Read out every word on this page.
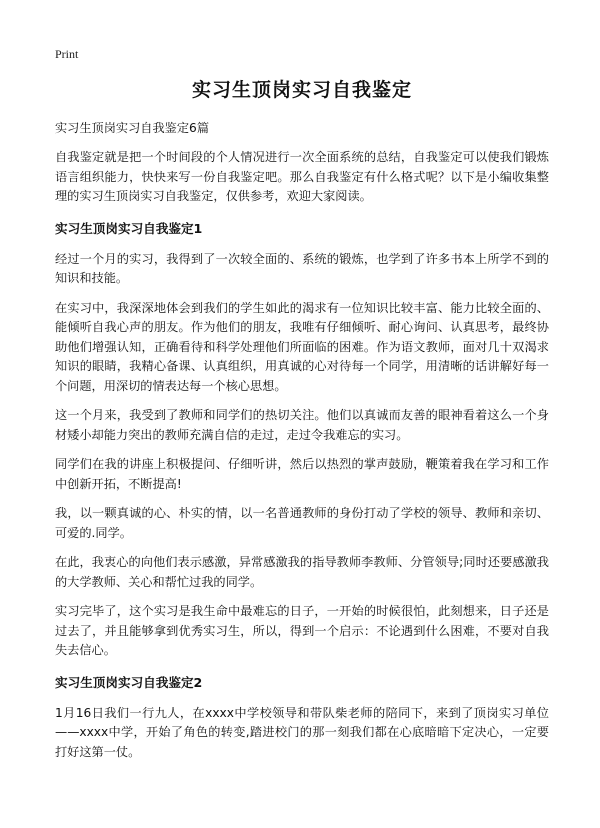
Print
实习生顶岗实习自我鉴定
实习生顶岗实习自我鉴定6篇

自我鉴定就是把一个时间段的个人情况进行一次全面系统的总结，自我鉴定可以使我们锻炼语言组织能力，快快来写一份自我鉴定吧。那么自我鉴定有什么格式呢？以下是小编收集整理的实习生顶岗实习自我鉴定，仅供参考，欢迎大家阅读。

实习生顶岗实习自我鉴定1

经过一个月的实习，我得到了一次较全面的、系统的锻炼，也学到了许多书本上所学不到的知识和技能。

在实习中，我深深地体会到我们的学生如此的渴求有一位知识比较丰富、能力比较全面的、能倾听自我心声的朋友。作为他们的朋友，我唯有仔细倾听、耐心询问、认真思考，最终协助他们增强认知，正确看待和科学处理他们所面临的困难。作为语文教师，面对几十双渴求知识的眼睛，我精心备课、认真组织，用真诚的心对待每一个同学，用清晰的话讲解好每一个问题，用深切的情表达每一个核心思想。

这一个月来，我受到了教师和同学们的热切关注。他们以真诚而友善的眼神看着这么一个身材矮小却能力突出的教师充满自信的走过，走过令我难忘的实习。

同学们在我的讲座上积极提问、仔细听讲，然后以热烈的掌声鼓励，鞭策着我在学习和工作中创新开拓，不断提高!

我，以一颗真诚的心、朴实的情，以一名普通教师的身份打动了学校的领导、教师和亲切、可爱的.同学。

在此，我衷心的向他们表示感激，异常感激我的指导教师李教师、分管领导;同时还要感激我的大学教师、关心和帮忙过我的同学。

实习完毕了，这个实习是我生命中最难忘的日子，一开始的时候很怕，此刻想来，日子还是过去了，并且能够拿到优秀实习生，所以，得到一个启示：不论遇到什么困难，不要对自我失去信心。

实习生顶岗实习自我鉴定2

1月16日我们一行九人，在xxxx中学校领导和带队柴老师的陪同下，来到了顶岗实习单位——xxxx中学，开始了角色的转变,踏进校门的那一刻我们都在心底暗暗下定决心，一定要打好这第一仗。
